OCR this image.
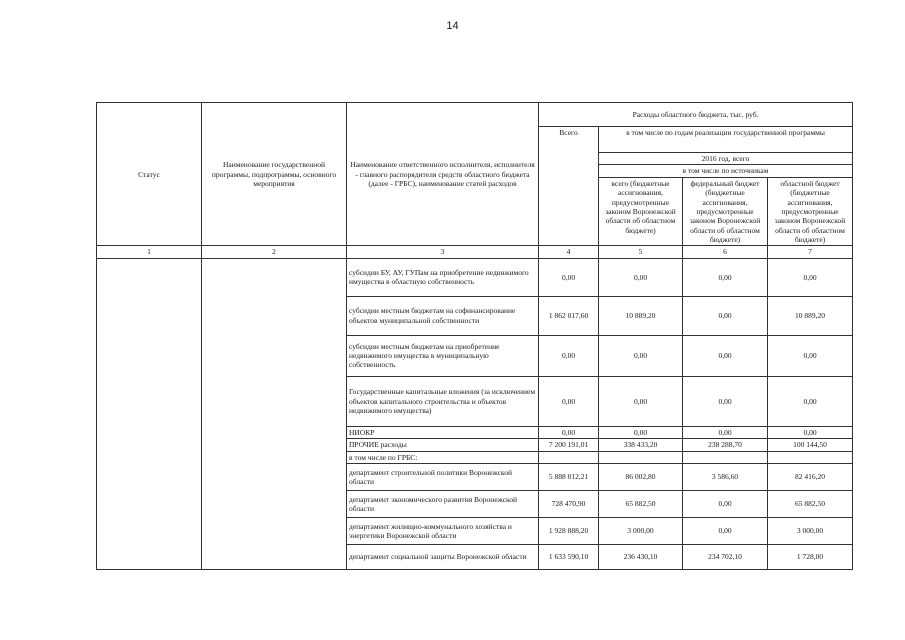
14
Статус	Наименование государственной программы, подпрограммы, основного мероприятия	Наименование ответственного исполнителя, исполнителя - главного распорядителя средств областного бюджета (далее - ГРБС), наименование статей расходов	Расходы областного бюджета, тыс. руб.			
			Всего	в том числе по годам реализации государственной программы		
				2016 год, всего		
				в том числе по источникам		
				всего (бюджетные ассигнования, предусмотренные законом Воронежской области об областном бюджете)	федеральный бюджет (бюджетные ассигнования, предусмотренные законом Воронежской области об областном бюджете)	областной бюджет (бюджетные ассигнования, предусмотренные законом Воронежской области об областном бюджете)

1	2	3	4	5	6	7
		субсидии БУ, АУ, ГУПам на приобретение недвижимого имущества в областную собственность	0,00	0,00	0,00	0,00
		субсидии местным бюджетам на софинансирование объектов муниципальной собственности	1 862 017,60	10 889,20	0,00	10 889,20
		субсидии местным бюджетам на приобретение недвижимого имущества в муниципальную собственность	0,00	0,00	0,00	0,00
		Государственные капитальные вложения (за исключением объектов капитального строительства и объектов недвижимого имущества)	0,00	0,00	0,00	0,00
		НИОКР	0,00	0,00	0,00	0,00
		ПРОЧИЕ расходы	7 200 191,01	338 433,20	238 288,70	100 144,50
		в том числе по ГРБС:				
		департамент строительной политики Воронежской области	5 888 012,21	86 002,80	3 586,60	82 416,20
		департамент экономического развития Воронежской области	728 470,90	65 882,50	0,00	65 882,50
		департамент жилищно-коммунального хозяйства и энергетики Воронежской области	1 928 888,20	3 000,00	0,00	3 000,00
		департамент социальной защиты Воронежской области	1 633 590,10	236 430,10	234 702,10	1 728,00
